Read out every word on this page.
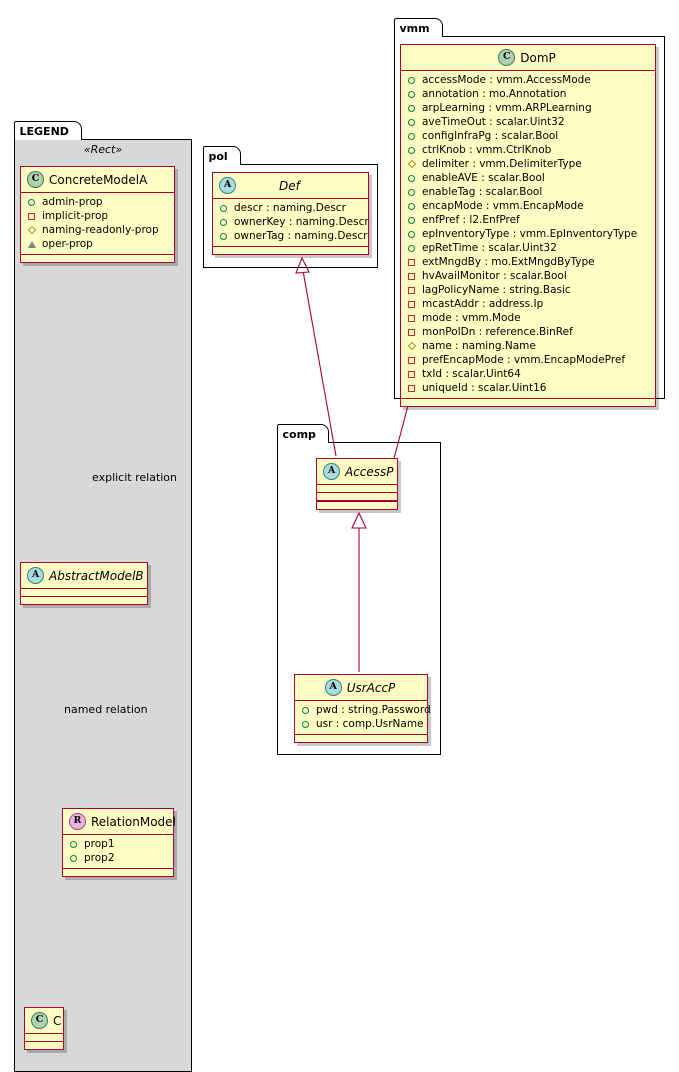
LEGEND
«Rect»
C ConcreteModelA
admin-prop
implicit-prop
naming-readonly-prop
oper-prop
A AbstractModelB
R RelationModel
prop1
prop2
C C
explicit relation
named relation
pol
A	Def
descr : naming.Descr
ownerKey : naming.Descr
ownerTag : naming.Descr
vmm
C DomP
accessMode : vmm.AccessMode
annotation : mo.Annotation
arpLearning : vmm.ARPLearning
aveTimeOut : scalar.Uint32
configInfraPg : scalar.Bool
ctrlKnob : vmm.CtrlKnob
delimiter : vmm.DelimiterType
enableAVE : scalar.Bool
enableTag : scalar.Bool
encapMode : vmm.EncapMode
enfPref : l2.EnfPref
epInventoryType : vmm.EpInventoryType
epRetTime : scalar.Uint32
extMngdBy : mo.ExtMngdByType
hvAvailMonitor : scalar.Bool
lagPolicyName : string.Basic
mcastAddr : address.Ip
mode : vmm.Mode
monPolDn : reference.BinRef
name : naming.Name
prefEncapMode : vmm.EncapModePref
txId : scalar.Uint64
uniqueId : scalar.Uint16
comp
A AccessP
A UsrAccP
pwd : string.Password
usr : comp.UsrName
